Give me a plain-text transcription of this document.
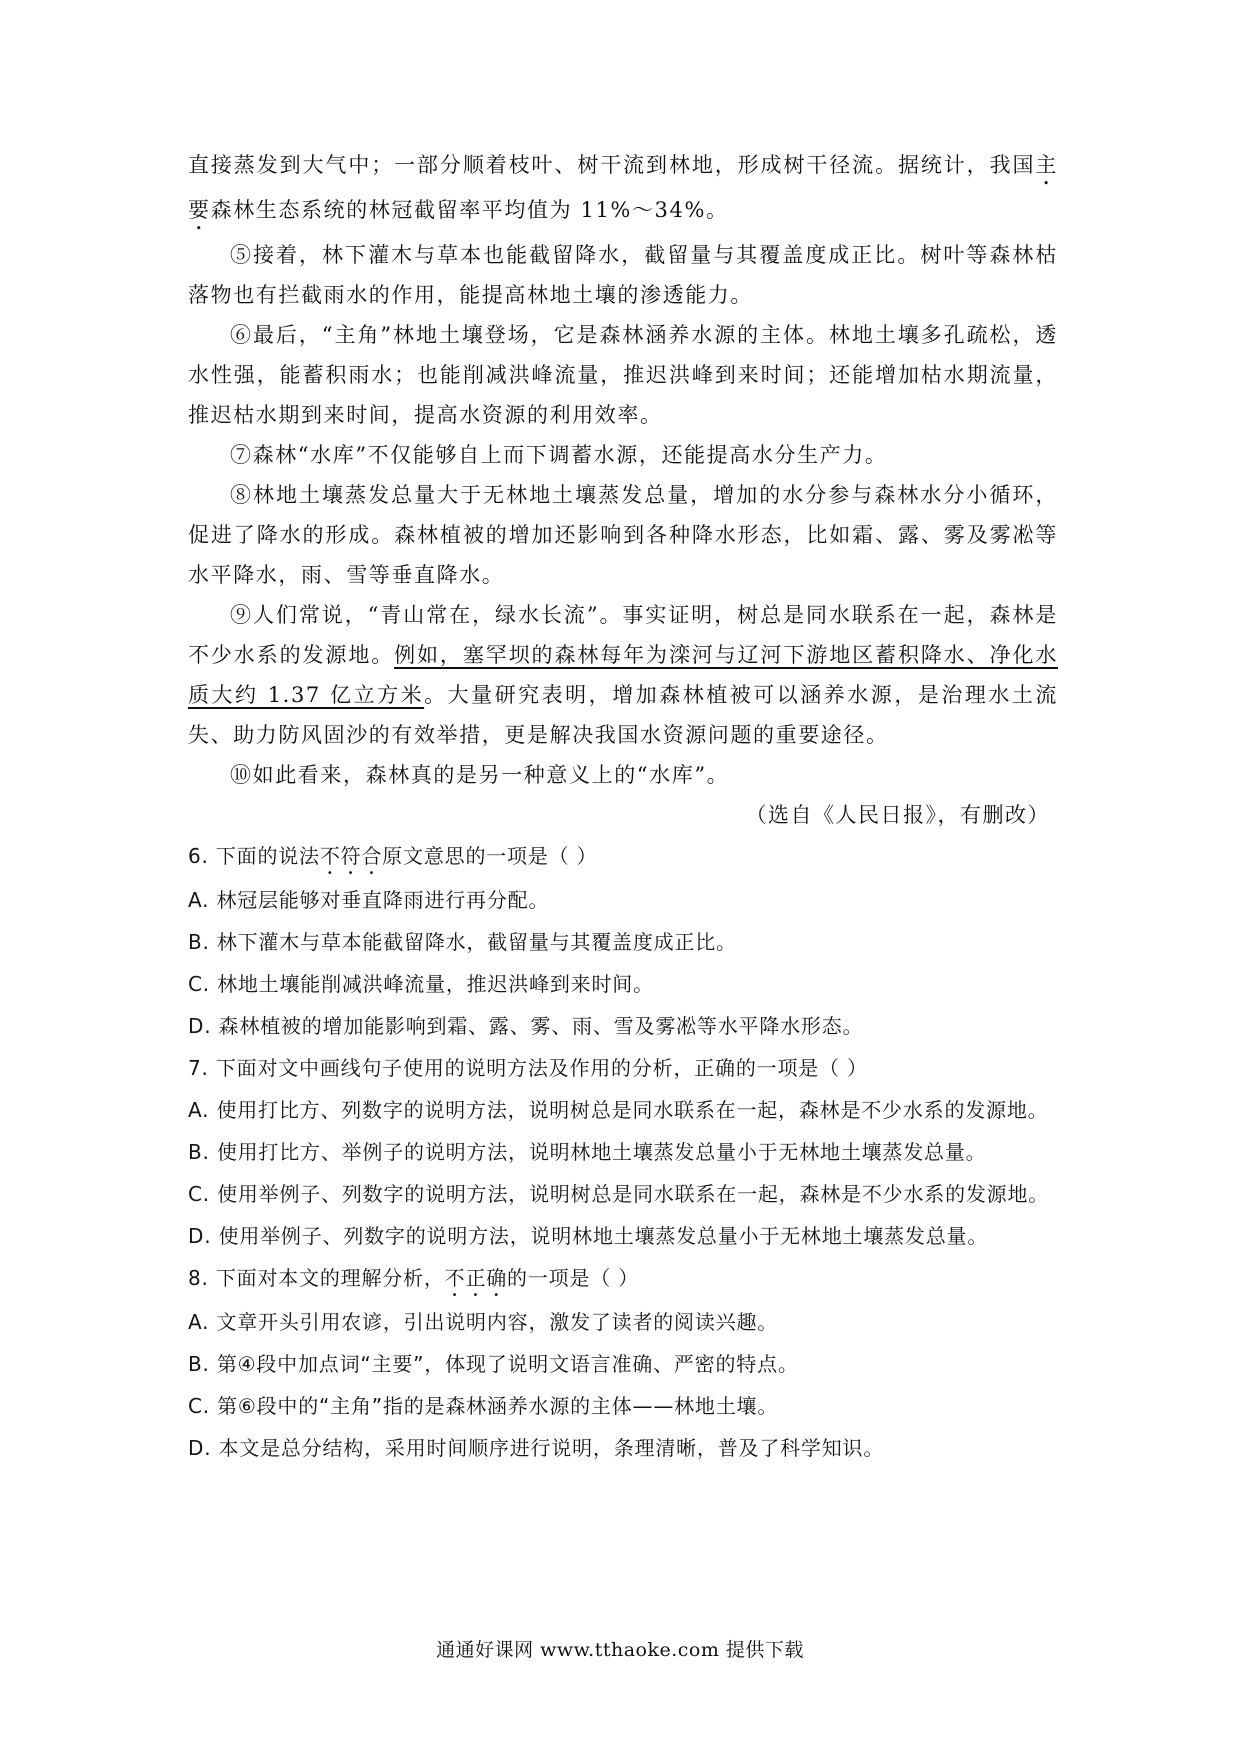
直接蒸发到大气中；一部分顺着枝叶、树干流到林地，形成树干径流。据统计，我国主要森林生态系统的林冠截留率平均值为 11%～34%。

⑤接着，林下灌木与草本也能截留降水，截留量与其覆盖度成正比。树叶等森林枯落物也有拦截雨水的作用，能提高林地土壤的渗透能力。

⑥最后，“主角”林地土壤登场，它是森林涵养水源的主体。林地土壤多孔疏松，透水性强，能蓄积雨水；也能削减洪峰流量，推迟洪峰到来时间；还能增加枯水期流量，推迟枯水期到来时间，提高水资源的利用效率。

⑦森林“水库”不仅能够自上而下调蓄水源，还能提高水分生产力。

⑧林地土壤蒸发总量大于无林地土壤蒸发总量，增加的水分参与森林水分小循环，促进了降水的形成。森林植被的增加还影响到各种降水形态，比如霜、露、雾及雾凇等水平降水，雨、雪等垂直降水。

⑨人们常说，“青山常在，绿水长流”。事实证明，树总是同水联系在一起，森林是不少水系的发源地。例如，塞罕坝的森林每年为滦河与辽河下游地区蓄积降水、净化水质大约 1.37 亿立方米。大量研究表明，增加森林植被可以涵养水源，是治理水土流失、助力防风固沙的有效举措，更是解决我国水资源问题的重要途径。

⑩如此看来，森林真的是另一种意义上的“水库”。

（选自《人民日报》，有删改）

6. 下面的说法不符合原文意思的一项是（ ）

A. 林冠层能够对垂直降雨进行再分配。

B. 林下灌木与草本能截留降水，截留量与其覆盖度成正比。

C. 林地土壤能削减洪峰流量，推迟洪峰到来时间。

D. 森林植被的增加能影响到霜、露、雾、雨、雪及雾凇等水平降水形态。

7. 下面对文中画线句子使用的说明方法及作用的分析，正确的一项是（ ）

A. 使用打比方、列数字的说明方法，说明树总是同水联系在一起，森林是不少水系的发源地。

B. 使用打比方、举例子的说明方法，说明林地土壤蒸发总量小于无林地土壤蒸发总量。

C. 使用举例子、列数字的说明方法，说明树总是同水联系在一起，森林是不少水系的发源地。

D. 使用举例子、列数字的说明方法，说明林地土壤蒸发总量小于无林地土壤蒸发总量。

8. 下面对本文的理解分析，不正确的一项是（ ）

A. 文章开头引用农谚，引出说明内容，激发了读者的阅读兴趣。

B. 第④段中加点词“主要”，体现了说明文语言准确、严密的特点。

C. 第⑥段中的“主角”指的是森林涵养水源的主体——林地土壤。

D. 本文是总分结构，采用时间顺序进行说明，条理清晰，普及了科学知识。

通通好课网 www.tthaoke.com 提供下载
